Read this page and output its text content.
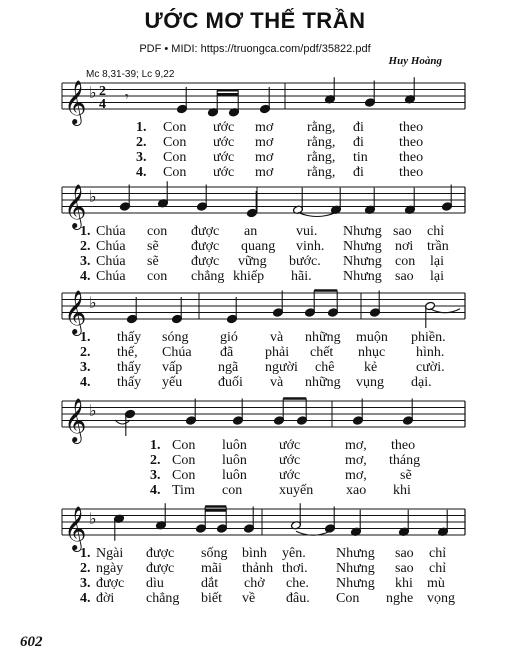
ƯỚC MƠ THẾ TRẦN
PDF • MIDI: https://truongca.com/pdf/35822.pdf
Huy Hoàng
Mc 8,31-39; Lc 9,22
𝄞 ♭ 2
4 𝄾
1. Con ước mơ rằng, đi	theo
2. Con ước mơ rằng, đi	theo
3. Con ước mơ rằng, tin theo
4. Con ước mơ rằng, đi	theo
𝄞 ♭
1. Chúa con được an	vui. Nhưng sao chỉ
2. Chúa sẽ được quang vinh. Nhưng nơi trần
3. Chúa sẽ được vững bước. Nhưng con lại
4. Chúa con chẳng khiếp hãi. Nhưng sao lại
𝄞 ♭
1. thấy sóng gió và những muộn phiền.
2. thế, Chúa đã phải chết nhục hình.
3. thấy vấp	ngã người chê kẻ	cười.
4. thấy yếu	đuối và những vụng dại.
𝄞 ♭
1. Con luôn ước	mơ, theo
2. Con luôn ước	mơ, tháng
3. Con luôn ước	mơ, sẽ
4. Tim con	xuyến xao khi
𝄞 ♭
1. Ngài được sống bình yên. Nhưng sao chỉ
2. ngày được mãi thảnh thơi. Nhưng sao chỉ
3. được dìu	dắt chở che. Nhưng khi mù
4. đời chẳng biết về đâu. Con nghe vọng
602
